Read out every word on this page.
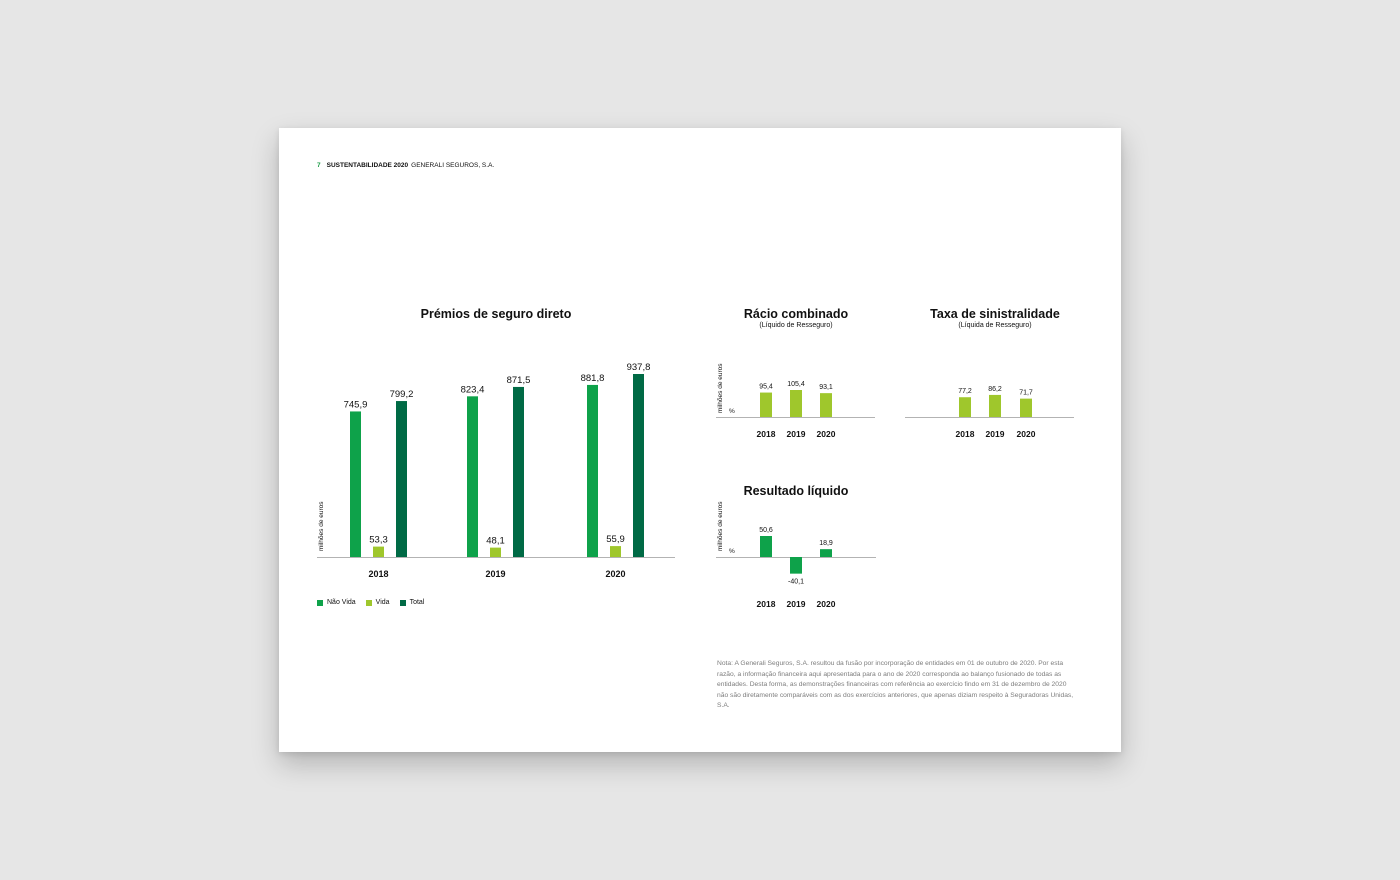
7 SUSTENTABILIDADE 2020 GENERALI SEGUROS, S.A.
Prémios de seguro direto
milhões de euros
745,9
53,3
799,2
2018
823,4
48,1
871,5
2019
881,8
55,9
937,8
2020
milhões de euros %
95,4
2018
105,4
2019
93,1
2020
77,2
2018
86,2
2019
71,7
2020
milhões de euros
%
50,6
2018
-40,1
2019
18,9
2020
Não Vida	Vida	Total
Rácio combinado
(Líquido de Resseguro)
Taxa de sinistralidade
(Líquida de Resseguro)
Resultado líquido
Nota: A Generali Seguros, S.A. resultou da fusão por incorporação de entidades em 01 de outubro de 2020. Por esta razão, a informação financeira aqui apresentada para o ano de 2020 corresponda ao balanço fusionado de todas as entidades. Desta forma, as demonstrações financeiras com referência ao exercício findo em 31 de dezembro de 2020 não são diretamente comparáveis com as dos exercícios anteriores, que apenas diziam respeito à Seguradoras Unidas, S.A.
